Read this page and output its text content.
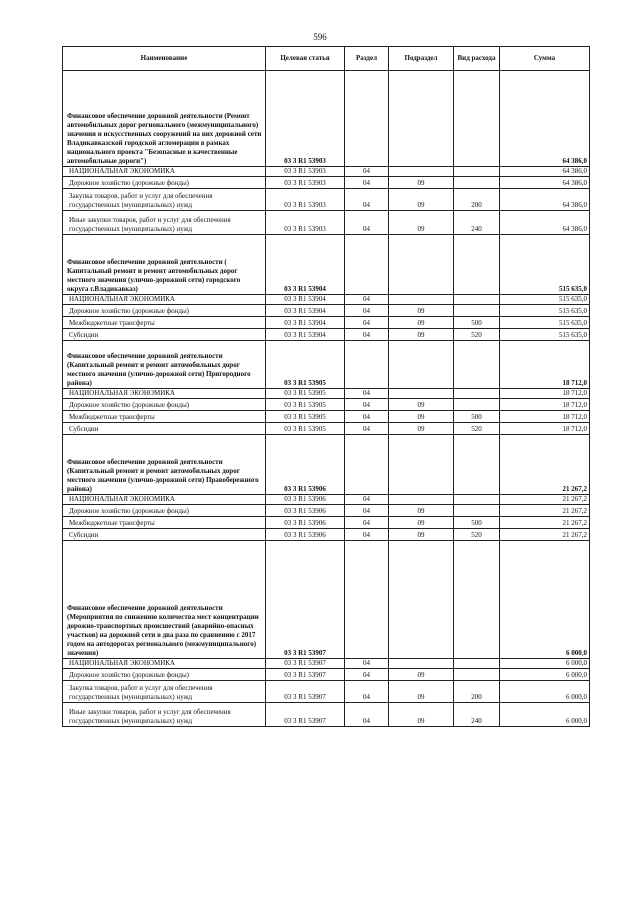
596
Наименование	Целевая статья	Раздел	Подраздел	Вид расхода	Сумма
Финансовое обеспечение дорожной деятельности (Ремонт автомобильных дорог регионального (межмуниципального) значения и искусственных сооружений на них дорожной сети Владикавказской городской агломерации в рамках национального проекта "Безопасные и качественные автомобильные дороги")	03 3 R1 53903				64 386,0
НАЦИОНАЛЬНАЯ ЭКОНОМИКА	03 3 R1 53903	04			64 386,0
Дорожное хозяйство (дорожные фонды)	03 3 R1 53903	04	09		64 386,0
Закупка товаров, работ и услуг для обеспечения государственных (муниципальных) нужд	03 3 R1 53903	04	09	200	64 386,0
Иные закупки товаров, работ и услуг для обеспечения государственных (муниципальных) нужд	03 3 R1 53903	04	09	240	64 386,0
Финансовое обеспечение дорожной деятельности ( Капитальный ремонт и ремонт автомобильных дорог местного значения (улично-дорожной сети) городского округа г.Владикавказ)	03 3 R1 53904				515 635,0
НАЦИОНАЛЬНАЯ ЭКОНОМИКА	03 3 R1 53904	04			515 635,0
Дорожное хозяйство (дорожные фонды)	03 3 R1 53904	04	09		515 635,0
Межбюджетные трансферты	03 3 R1 53904	04	09	500	515 635,0
Субсидии	03 3 R1 53904	04	09	520	515 635,0
Финансовое обеспечение дорожной деятельности (Капитальный ремонт и ремонт автомобильных дорог местного значения (улично-дорожной сети) Пригородного района)	03 3 R1 53905				18 712,0
НАЦИОНАЛЬНАЯ ЭКОНОМИКА	03 3 R1 53905	04			18 712,0
Дорожное хозяйство (дорожные фонды)	03 3 R1 53905	04	09		18 712,0
Межбюджетные трансферты	03 3 R1 53905	04	09	500	18 712,0
Субсидии	03 3 R1 53905	04	09	520	18 712,0
Финансовое обеспечение дорожной деятельности (Капитальный ремонт и ремонт автомобильных дорог местного значения (улично-дорожной сети) Правобережного района)	03 3 R1 53906				21 267,2
НАЦИОНАЛЬНАЯ ЭКОНОМИКА	03 3 R1 53906	04			21 267,2
Дорожное хозяйство (дорожные фонды)	03 3 R1 53906	04	09		21 267,2
Межбюджетные трансферты	03 3 R1 53906	04	09	500	21 267,2
Субсидии	03 3 R1 53906	04	09	520	21 267,2
Финансовое обеспечение дорожной деятельности (Мероприятия по снижению количества мест концентрации дорожно-транспортных происшествий (аварийно-опасных участков) на дорожной сети в два раза по сравнению с 2017 годом на автодорогах регионального (межмуниципального) значения)	03 3 R1 53907				6 000,0
НАЦИОНАЛЬНАЯ ЭКОНОМИКА	03 3 R1 53907	04			6 000,0
Дорожное хозяйство (дорожные фонды)	03 3 R1 53907	04	09		6 000,0
Закупка товаров, работ и услуг для обеспечения государственных (муниципальных) нужд	03 3 R1 53907	04	09	200	6 000,0
Иные закупки товаров, работ и услуг для обеспечения государственных (муниципальных) нужд	03 3 R1 53907	04	09	240	6 000,0
